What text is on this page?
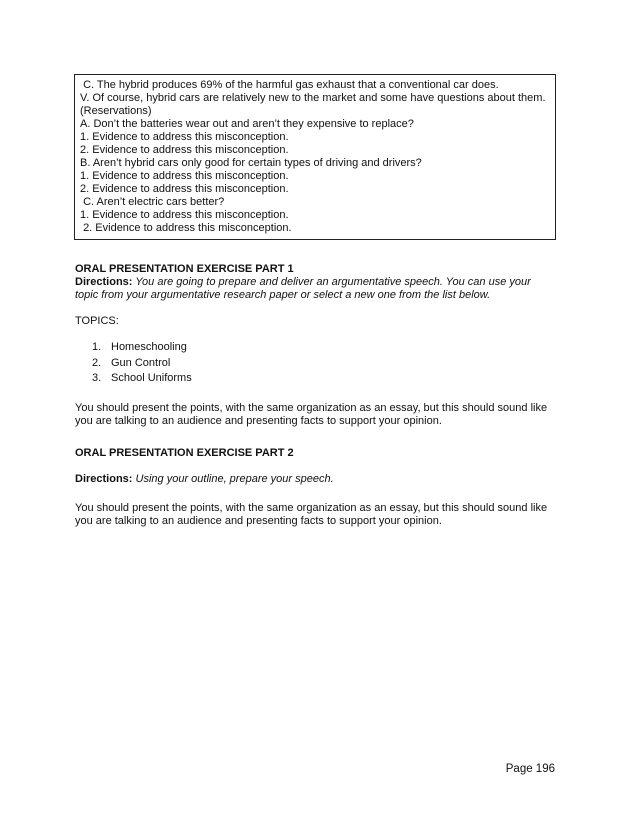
C. The hybrid produces 69% of the harmful gas exhaust that a conventional car does.
V. Of course, hybrid cars are relatively new to the market and some have questions about them. (Reservations)
A. Don’t the batteries wear out and aren’t they expensive to replace?
1. Evidence to address this misconception.
2. Evidence to address this misconception.
B. Aren’t hybrid cars only good for certain types of driving and drivers?
1. Evidence to address this misconception.
2. Evidence to address this misconception.
C. Aren’t electric cars better?
1. Evidence to address this misconception.
2. Evidence to address this misconception.
ORAL PRESENTATION EXERCISE PART 1
Directions: You are going to prepare and deliver an argumentative speech. You can use your topic from your argumentative research paper or select a new one from the list below.
TOPICS:
1. Homeschooling
2. Gun Control
3. School Uniforms
You should present the points, with the same organization as an essay, but this should sound like you are talking to an audience and presenting facts to support your opinion.
ORAL PRESENTATION EXERCISE PART 2
Directions: Using your outline, prepare your speech.
You should present the points, with the same organization as an essay, but this should sound like you are talking to an audience and presenting facts to support your opinion.
Page 196
